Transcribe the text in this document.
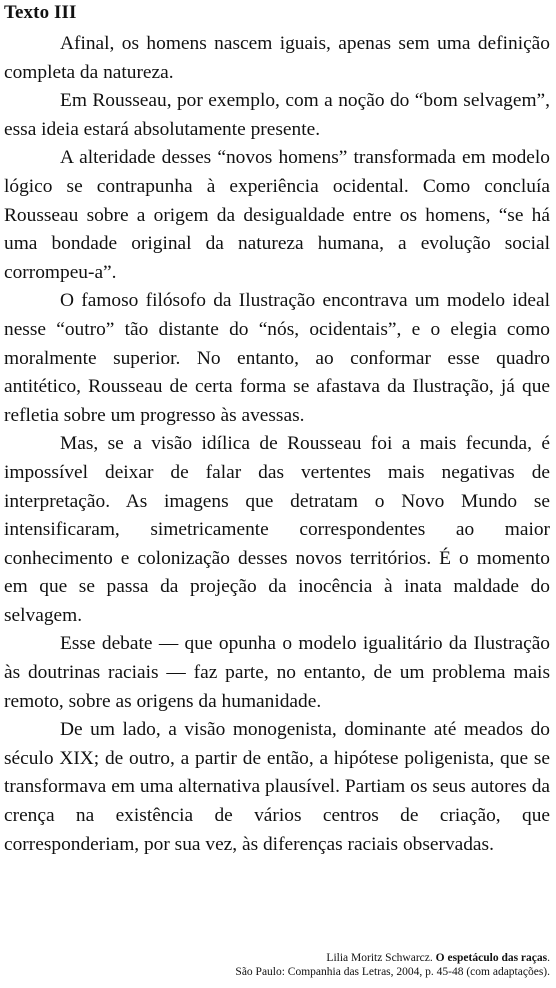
Texto III

Afinal, os homens nascem iguais, apenas sem uma definição completa da natureza.

Em Rousseau, por exemplo, com a noção do “bom selvagem”, essa ideia estará absolutamente presente.

A alteridade desses “novos homens” transformada em modelo lógico se contrapunha à experiência ocidental. Como concluía Rousseau sobre a origem da desigualdade entre os homens, “se há uma bondade original da natureza humana, a evolução social corrompeu-a”.

O famoso filósofo da Ilustração encontrava um modelo ideal nesse “outro” tão distante do “nós, ocidentais”, e o elegia como moralmente superior. No entanto, ao conformar esse quadro antitético, Rousseau de certa forma se afastava da Ilustração, já que refletia sobre um progresso às avessas.

Mas, se a visão idílica de Rousseau foi a mais fecunda, é impossível deixar de falar das vertentes mais negativas de interpretação. As imagens que detratam o Novo Mundo se intensificaram, simetricamente correspondentes ao maior conhecimento e colonização desses novos territórios. É o momento em que se passa da projeção da inocência à inata maldade do selvagem.

Esse debate — que opunha o modelo igualitário da Ilustração às doutrinas raciais — faz parte, no entanto, de um problema mais remoto, sobre as origens da humanidade.

De um lado, a visão monogenista, dominante até meados do século XIX; de outro, a partir de então, a hipótese poligenista, que se transformava em uma alternativa plausível. Partiam os seus autores da crença na existência de vários centros de criação, que corresponderiam, por sua vez, às diferenças raciais observadas.

Lilia Moritz Schwarcz. O espetáculo das raças.
São Paulo: Companhia das Letras, 2004, p. 45-48 (com adaptações).
